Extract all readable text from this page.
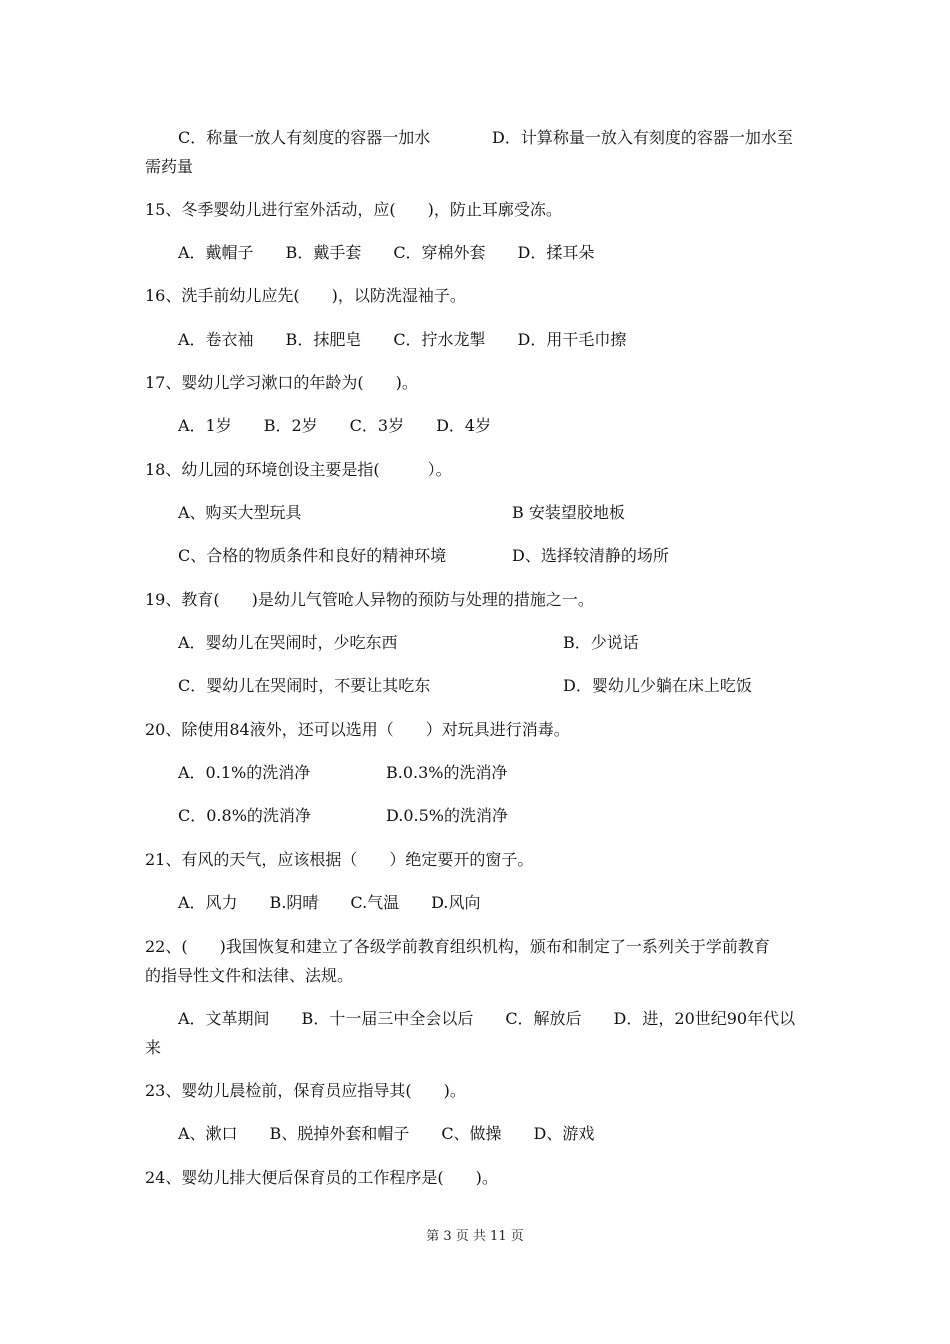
C．称量一放人有刻度的容器一加水	D．计算称量一放入有刻度的容器一加水至
需药量
15、冬季婴幼儿进行室外活动，应(　　)，防止耳廓受冻。
A．戴帽子　　B．戴手套　　C．穿棉外套　　D．揉耳朵
16、洗手前幼儿应先(　　)，以防洗湿袖子。
A．卷衣袖　　B．抹肥皂　　C．拧水龙掣　　D．用干毛巾擦
17、婴幼儿学习漱口的年龄为(　　)。
A．1岁　　B．2岁　　C．3岁　　D．4岁
18、幼儿园的环境创设主要是指(　　　）。
A、购买大型玩具	B 安装望胶地板
C、合格的物质条件和良好的精神环境	D、选择较清静的场所
19、教育(　　)是幼儿气管呛人异物的预防与处理的措施之一。
A．婴幼儿在哭闹时，少吃东西	B．少说话
C．婴幼儿在哭闹时，不要让其吃东	D．婴幼儿少躺在床上吃饭
20、除使用84液外，还可以选用（　　）对玩具进行消毒。
A．0.1%的洗消净	B.0.3%的洗消净
C．0.8%的洗消净	D.0.5%的洗消净
21、有风的天气，应该根据（　　）绝定要开的窗子。
A．风力　　B.阴晴　　C.气温　　D.风向
22、(　　)我国恢复和建立了各级学前教育组织机构，颁布和制定了一系列关于学前教育
的指导性文件和法律、法规。
A．文革期间　　B．十一届三中全会以后　　C．解放后　　D．进，20世纪90年代以
来
23、婴幼儿晨检前，保育员应指导其(　　)。
A、漱口　　B、脱掉外套和帽子　　C、做操　　D、游戏
24、婴幼儿排大便后保育员的工作程序是(　　)。
第 3 页 共 11 页
